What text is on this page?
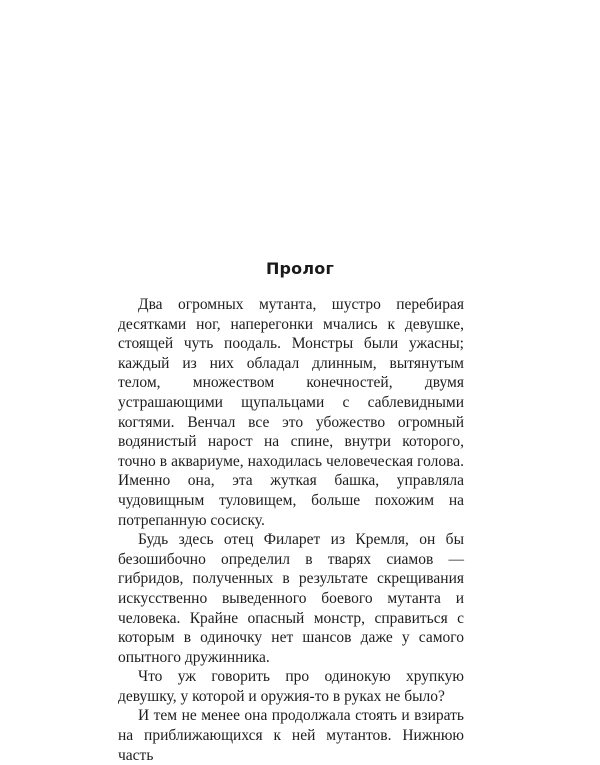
Пролог

Два огромных мутанта, шустро перебирая десятками ног, наперегонки мчались к девушке, стоящей чуть поодаль. Монстры были ужасны; каждый из них обладал длинным, вытянутым телом, множеством конечностей, двумя устрашающими щупальцами с саблевидными когтями. Венчал все это убожество огромный водянистый нарост на спине, внутри которого, точно в аквариуме, находилась человеческая голова. Именно она, эта жуткая башка, управляла чудовищным туловищем, больше похожим на потрепанную сосиску.

Будь здесь отец Филарет из Кремля, он бы безошибочно определил в тварях сиамов — гибридов, полученных в результате скрещивания искусственно выведенного боевого мутанта и человека. Крайне опасный монстр, справиться с которым в одиночку нет шансов даже у самого опытного дружинника.

Что уж говорить про одинокую хрупкую девушку, у которой и оружия-то в руках не было?

И тем не менее она продолжала стоять и взирать на приближающихся к ней мутантов. Нижнюю часть
